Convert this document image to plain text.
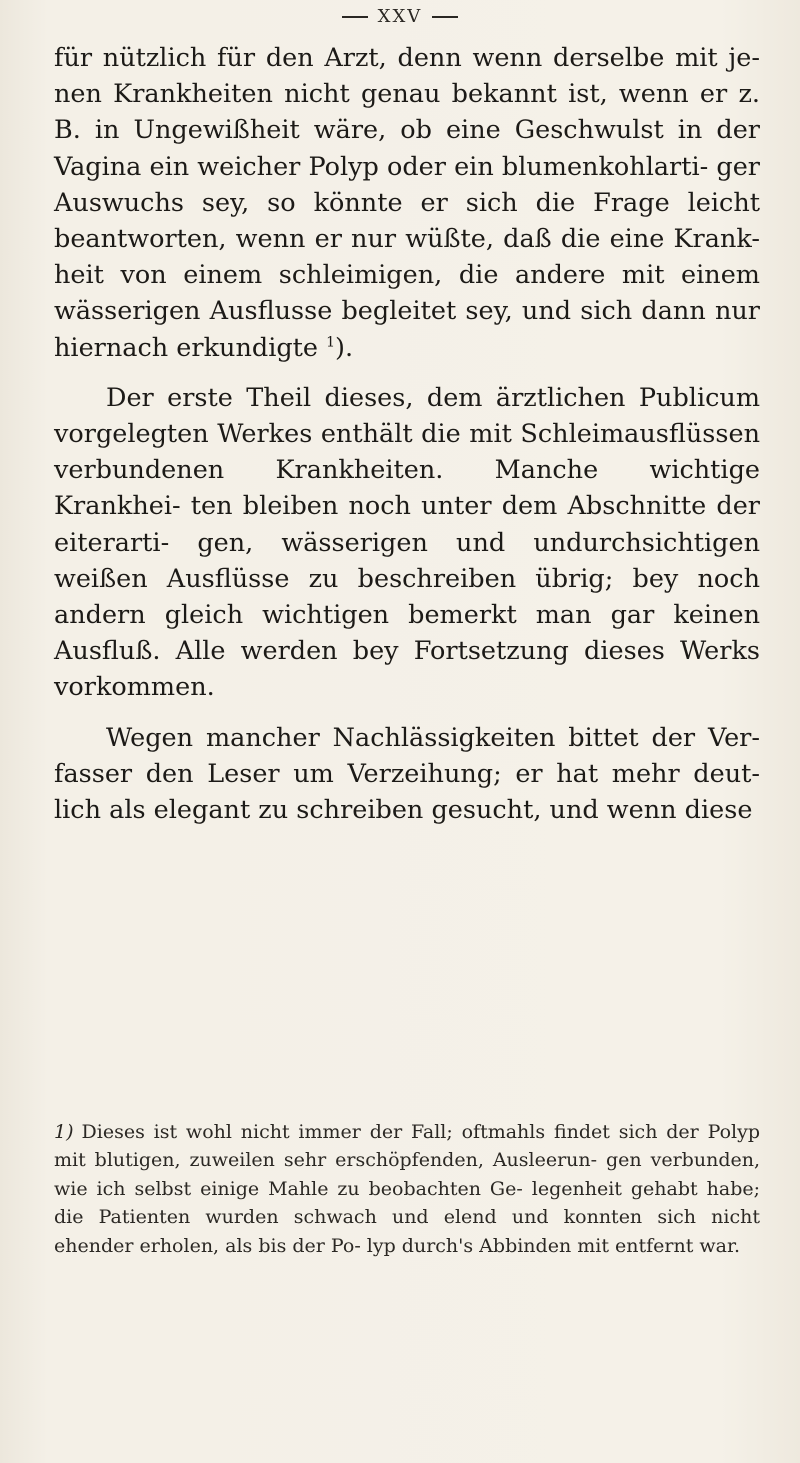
XXV

für nützlich für den Arzt, denn wenn derselbe mit je- nen Krankheiten nicht genau bekannt ist, wenn er z. B. in Ungewißheit wäre, ob eine Geschwulst in der Vagina ein weicher Polyp oder ein blumenkohlarti- ger Auswuchs sey, so könnte er sich die Frage leicht beantworten, wenn er nur wüßte, daß die eine Krank- heit von einem schleimigen, die andere mit einem wässerigen Ausflusse begleitet sey, und sich dann nur hiernach erkundigte $^1$).

Der erste Theil dieses, dem ärztlichen Publicum vorgelegten Werkes enthält die mit Schleimausflüssen verbundenen Krankheiten. Manche wichtige Krankhei- ten bleiben noch unter dem Abschnitte der eiterarti- gen, wässerigen und undurchsichtigen weißen Ausflüsse zu beschreiben übrig; bey noch andern gleich wichtigen bemerkt man gar keinen Ausfluß. Alle werden bey Fortsetzung dieses Werks vorkommen.

Wegen mancher Nachlässigkeiten bittet der Ver- fasser den Leser um Verzeihung; er hat mehr deut- lich als elegant zu schreiben gesucht, und wenn diese

1) Dieses ist wohl nicht immer der Fall; oftmahls findet sich der Polyp mit blutigen, zuweilen sehr erschöpfenden, Ausleerun- gen verbunden, wie ich selbst einige Mahle zu beobachten Ge- legenheit gehabt habe; die Patienten wurden schwach und elend und konnten sich nicht ehender erholen, als bis der Po- lyp durch's Abbinden mit entfernt war.
